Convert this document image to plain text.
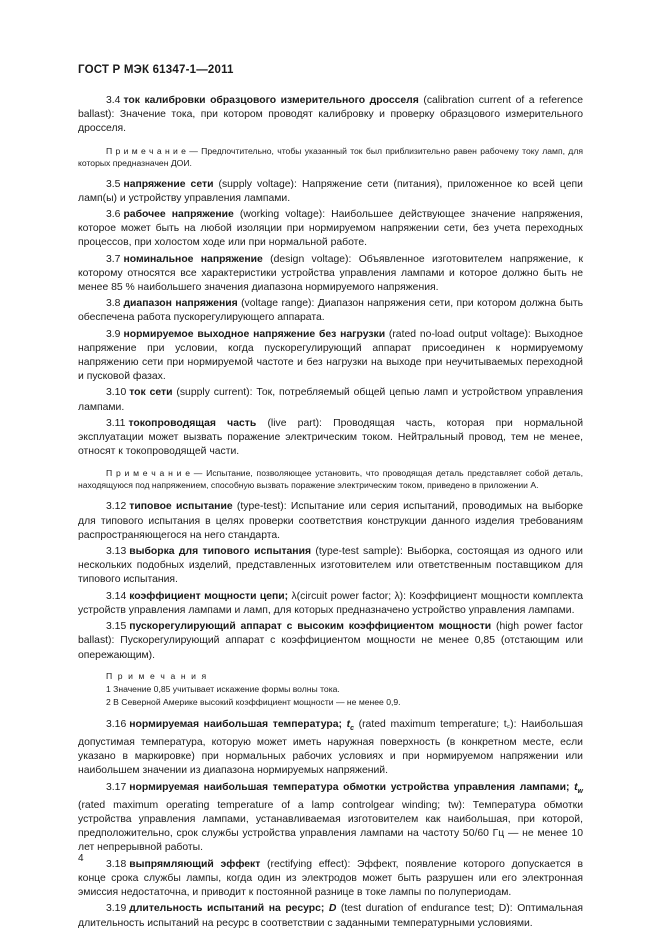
ГОСТ Р МЭК 61347-1—2011

3.4 ток калибровки образцового измерительного дросселя (calibration current of a reference ballast): Значение тока, при котором проводят калибровку и проверку образцового измерительного дросселя.

П р и м е ч а н и е — Предпочтительно, чтобы указанный ток был приблизительно равен рабочему току ламп, для которых предназначен ДОИ.

3.5 напряжение сети (supply voltage): Напряжение сети (питания), приложенное ко всей цепи ламп(ы) и устройству управления лампами.

3.6 рабочее напряжение (working voltage): Наибольшее действующее значение напряжения, которое может быть на любой изоляции при нормируемом напряжении сети, без учета переходных процессов, при холостом ходе или при нормальной работе.

3.7 номинальное напряжение (design voltage): Объявленное изготовителем напряжение, к которому относятся все характеристики устройства управления лампами и которое должно быть не менее 85 % наибольшего значения диапазона нормируемого напряжения.

3.8 диапазон напряжения (voltage range): Диапазон напряжения сети, при котором должна быть обеспечена работа пускорегулирующего аппарата.

3.9 нормируемое выходное напряжение без нагрузки (rated no-load output voltage): Выходное напряжение при условии, когда пускорегулирующий аппарат присоединен к нормируемому напряжению сети при нормируемой частоте и без нагрузки на выходе при неучитываемых переходной и пусковой фазах.

3.10 ток сети (supply current): Ток, потребляемый общей цепью ламп и устройством управления лампами.

3.11 токопроводящая часть (live part): Проводящая часть, которая при нормальной эксплуатации может вызвать поражение электрическим током. Нейтральный провод, тем не менее, относят к токопроводящей части.

П р и м е ч а н и е — Испытание, позволяющее установить, что проводящая деталь представляет собой деталь, находящуюся под напряжением, способную вызвать поражение электрическим током, приведено в приложении А.

3.12 типовое испытание (type-test): Испытание или серия испытаний, проводимых на выборке для типового испытания в целях проверки соответствия конструкции данного изделия требованиям распространяющегося на него стандарта.

3.13 выборка для типового испытания (type-test sample): Выборка, состоящая из одного или нескольких подобных изделий, представленных изготовителем или ответственным поставщиком для типового испытания.

3.14 коэффициент мощности цепи; λ(circuit power factor; λ): Коэффициент мощности комплекта устройств управления лампами и ламп, для которых предназначено устройство управления лампами.

3.15 пускорегулирующий аппарат с высоким коэффициентом мощности (high power factor ballast): Пускорегулирующий аппарат с коэффициентом мощности не менее 0,85 (отстающим или опережающим).

П р и м е ч а н и я
1 Значение 0,85 учитывает искажение формы волны тока.
2 В Северной Америке высокий коэффициент мощности — не менее 0,9.

3.16 нормируемая наибольшая температура; $t_c$ (rated maximum temperature; t꜀): Наибольшая допустимая температура, которую может иметь наружная поверхность (в конкретном месте, если указано в маркировке) при нормальных рабочих условиях и при нормируемом напряжении или наибольшем значении из диапазона нормируемых напряжений.

3.17 нормируемая наибольшая температура обмотки устройства управления лампами; $t_w$ (rated maximum operating temperature of a lamp controlgear winding; tw): Температура обмотки устройства управления лампами, устанавливаемая изготовителем как наибольшая, при которой, предположительно, срок службы устройства управления лампами на частоту 50/60 Гц — не менее 10 лет непрерывной работы.

3.18 выпрямляющий эффект (rectifying effect): Эффект, появление которого допускается в конце срока службы лампы, когда один из электродов может быть разрушен или его электронная эмиссия недостаточна, и приводит к постоянной разнице в токе лампы по полупериодам.

3.19 длительность испытаний на ресурс; D (test duration of endurance test; D): Оптимальная длительность испытаний на ресурс в соответствии с заданными температурными условиями.

4
